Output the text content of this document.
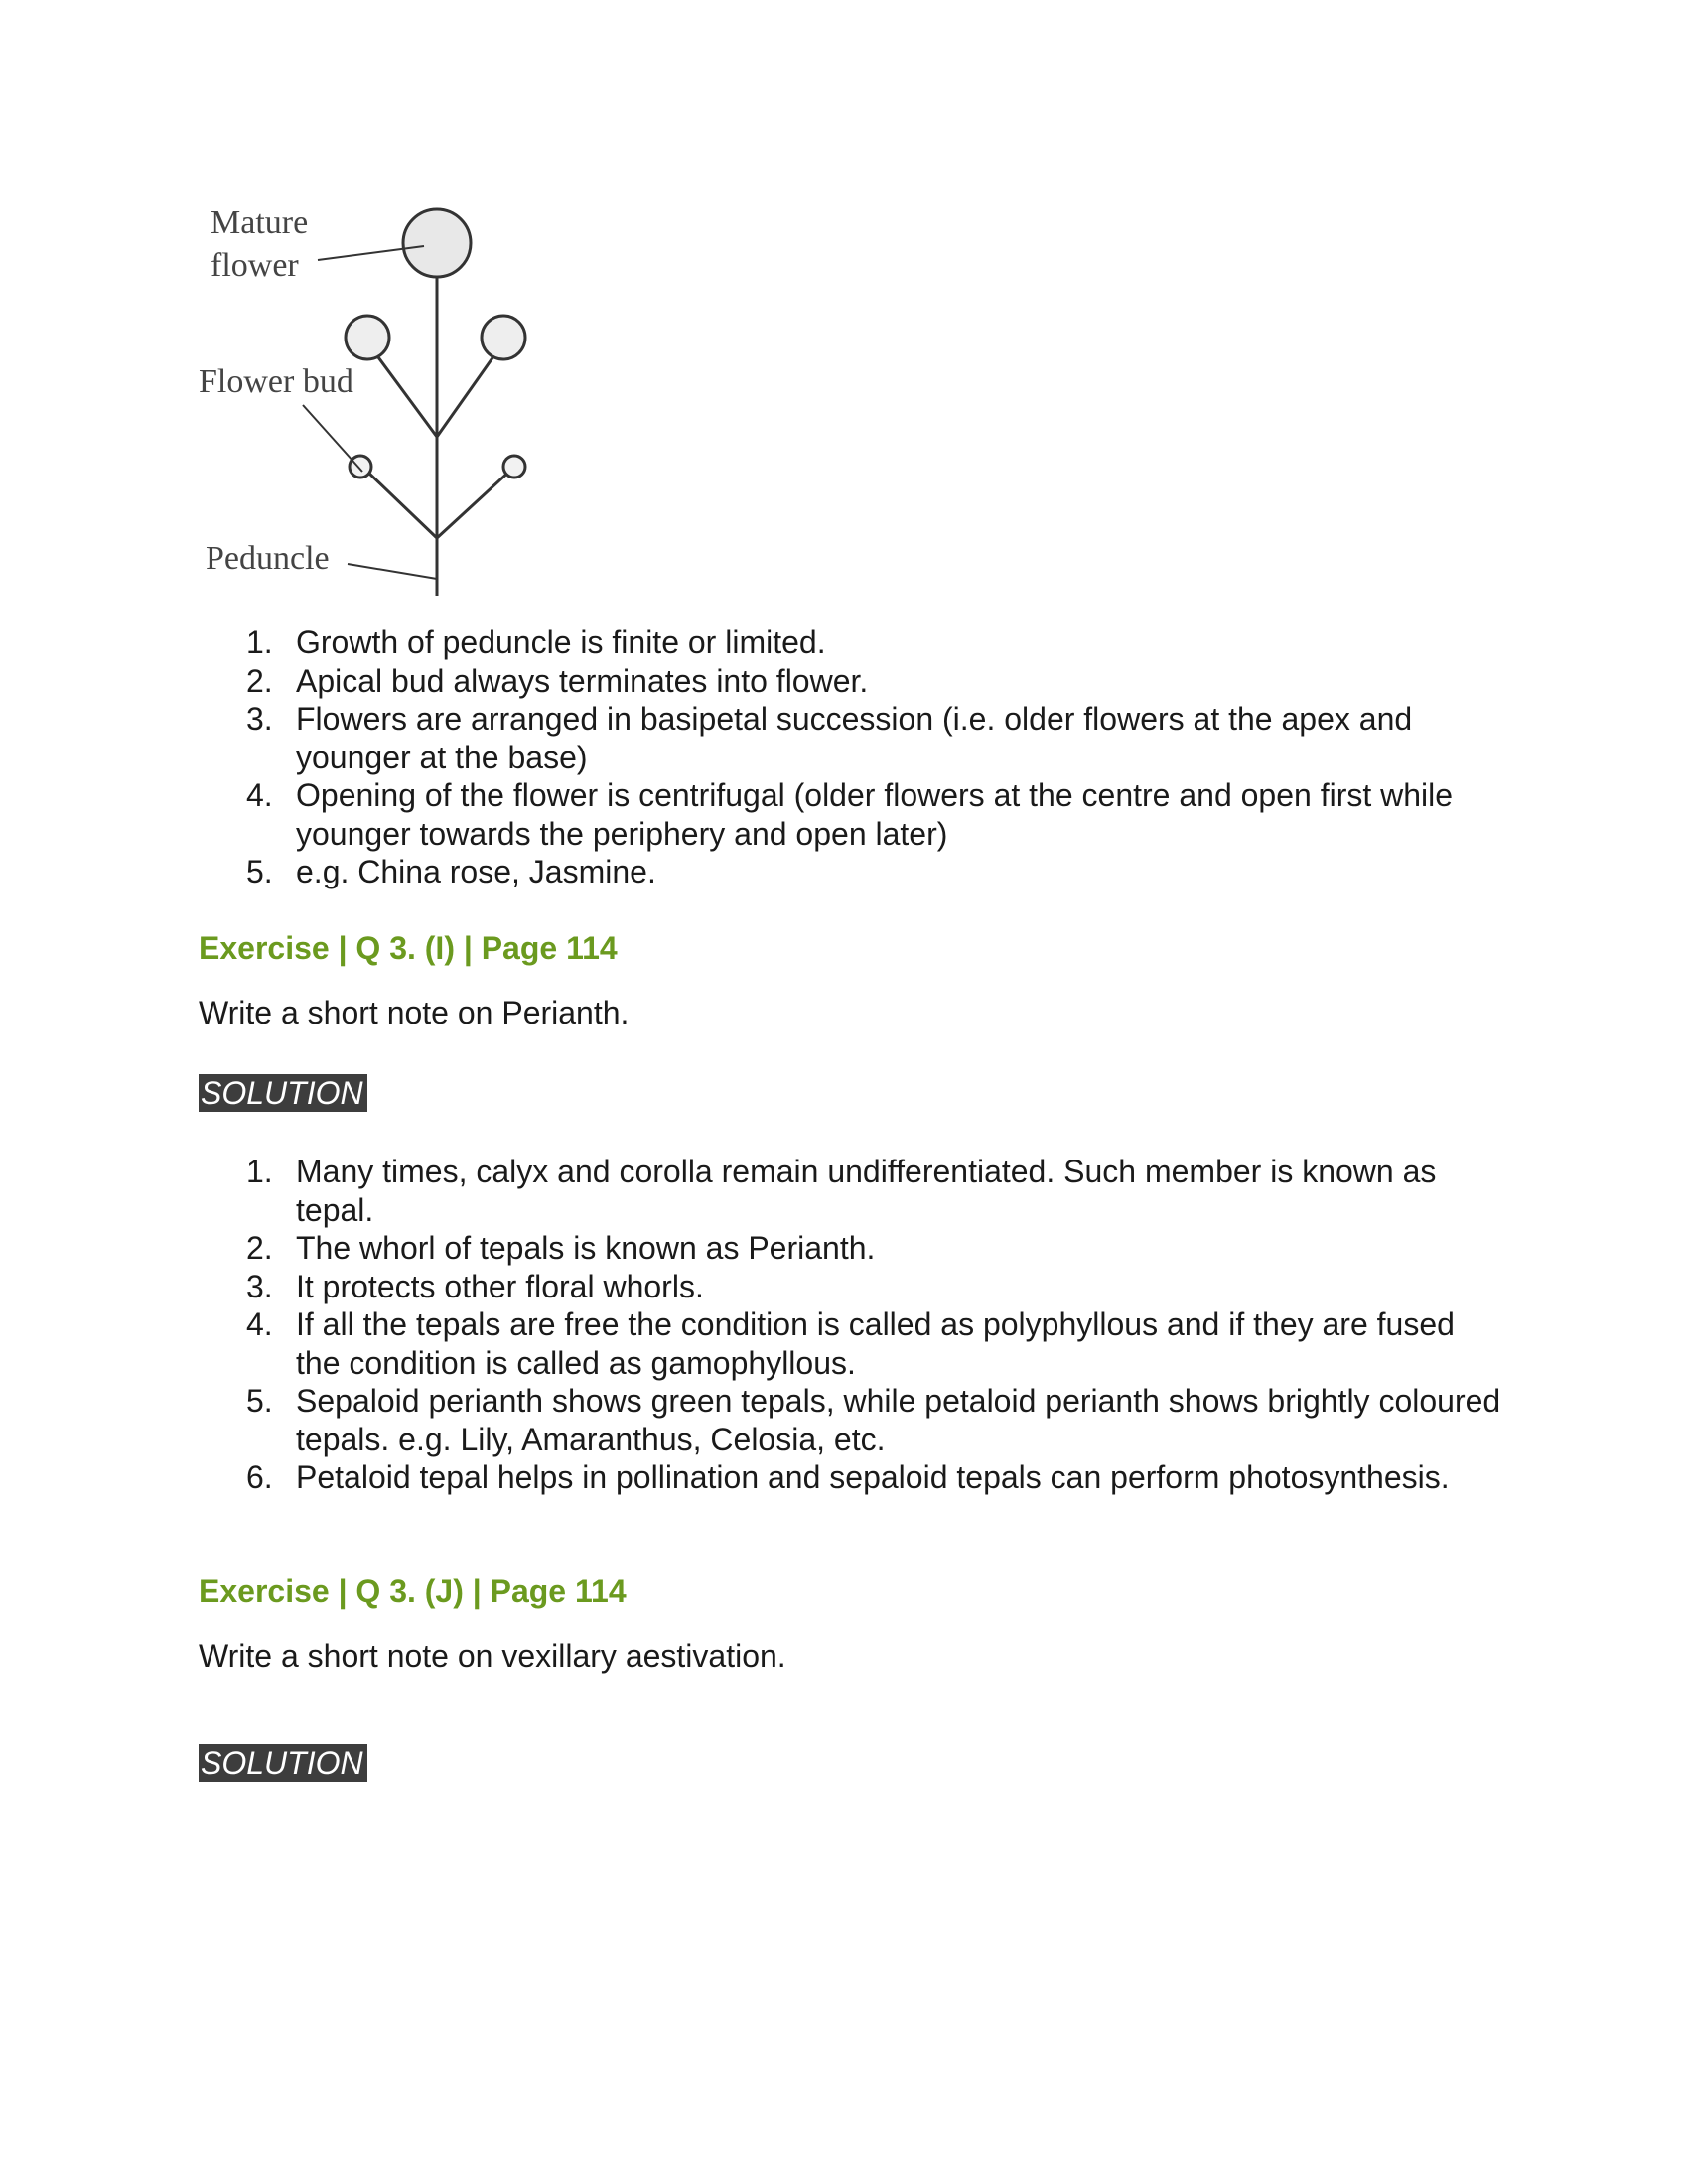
Mature
flower
Flower bud
Peduncle
1. Growth of peduncle is finite or limited.
2. Apical bud always terminates into flower.
3. Flowers are arranged in basipetal succession (i.e. older flowers at the apex and younger at the base)
4. Opening of the flower is centrifugal (older flowers at the centre and open first while younger towards the periphery and open later)
5. e.g. China rose, Jasmine.

Exercise | Q 3. (I) | Page 114

Write a short note on Perianth.

SOLUTION
1. Many times, calyx and corolla remain undifferentiated. Such member is known as tepal.
2. The whorl of tepals is known as Perianth.
3. It protects other floral whorls.
4. If all the tepals are free the condition is called as polyphyllous and if they are fused the condition is called as gamophyllous.
5. Sepaloid perianth shows green tepals, while petaloid perianth shows brightly coloured tepals. e.g. Lily, Amaranthus, Celosia, etc.
6. Petaloid tepal helps in pollination and sepaloid tepals can perform photosynthesis.

Exercise | Q 3. (J) | Page 114

Write a short note on vexillary aestivation.

SOLUTION
